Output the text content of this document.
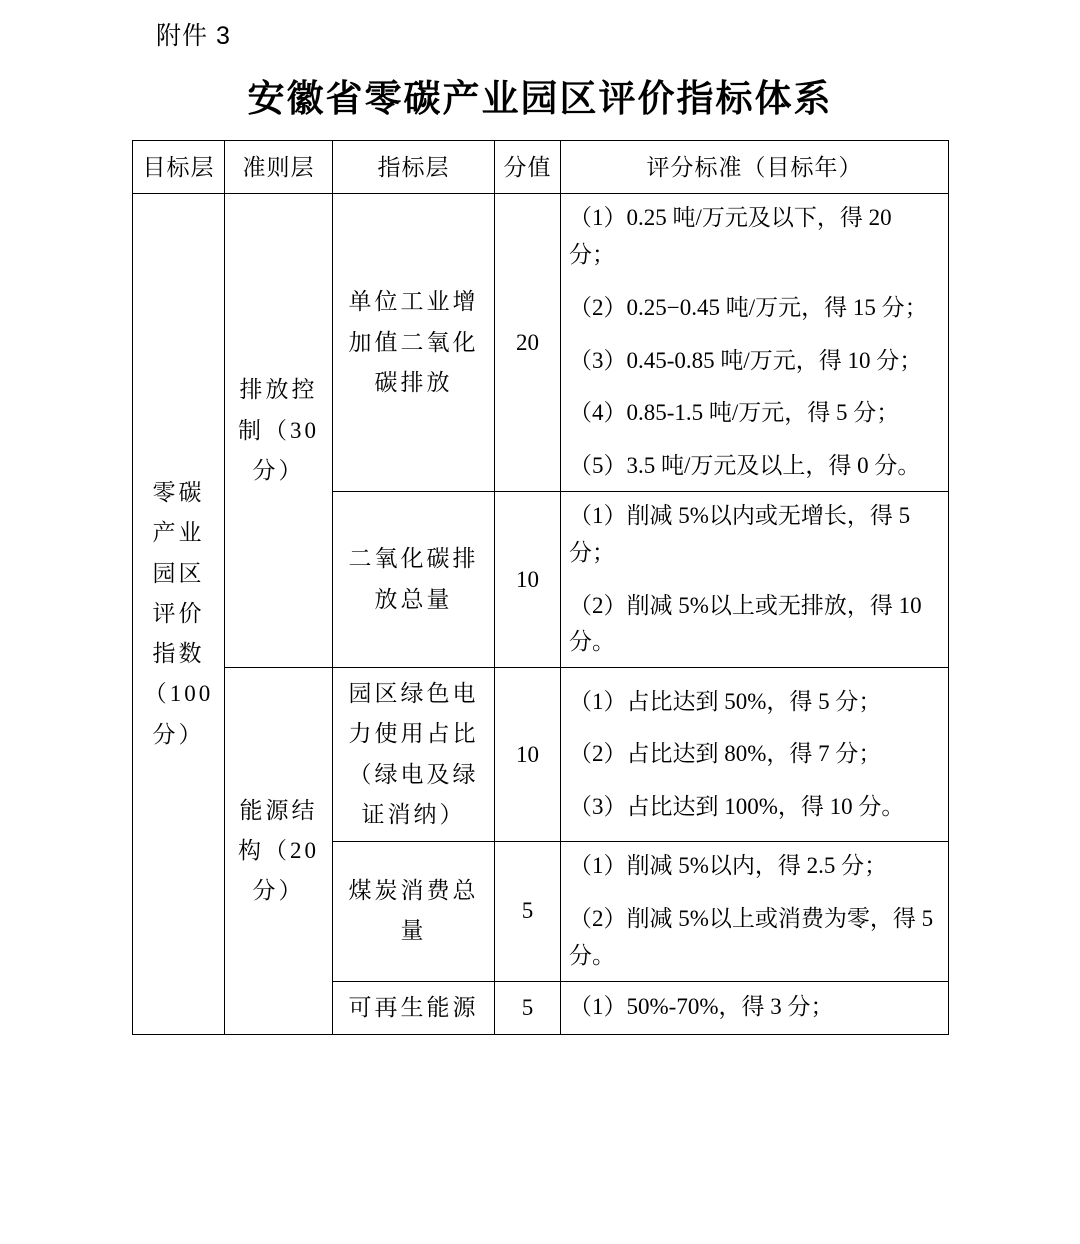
附件 3
安徽省零碳产业园区评价指标体系
目标层	准则层	指标层	分值	评分标准（目标年）
零碳产业园区评价指数（100 分）	排放控制（30 分）	单位工业增加值二氧化碳排放	20	（1）0.25 吨/万元及以下，得 20 分；
（2）0.25−0.45 吨/万元，得 15 分；
（3）0.45-0.85 吨/万元，得 10 分；
（4）0.85-1.5 吨/万元，得 5 分；
（5）3.5 吨/万元及以上，得 0 分。

		二氧化碳排放总量	10	（1）削减 5%以内或无增长，得 5 分；
（2）削减 5%以上或无排放，得 10 分。

	能源结构（20 分）	园区绿色电力使用占比（绿电及绿证消纳）	10	（1）占比达到 50%，得 5 分；
（2）占比达到 80%，得 7 分；
（3）占比达到 100%，得 10 分。

		煤炭消费总量	5	（1）削减 5%以内，得 2.5 分；
（2）削减 5%以上或消费为零，得 5 分。

		可再生能源	5	（1）50%-70%，得 3 分；
